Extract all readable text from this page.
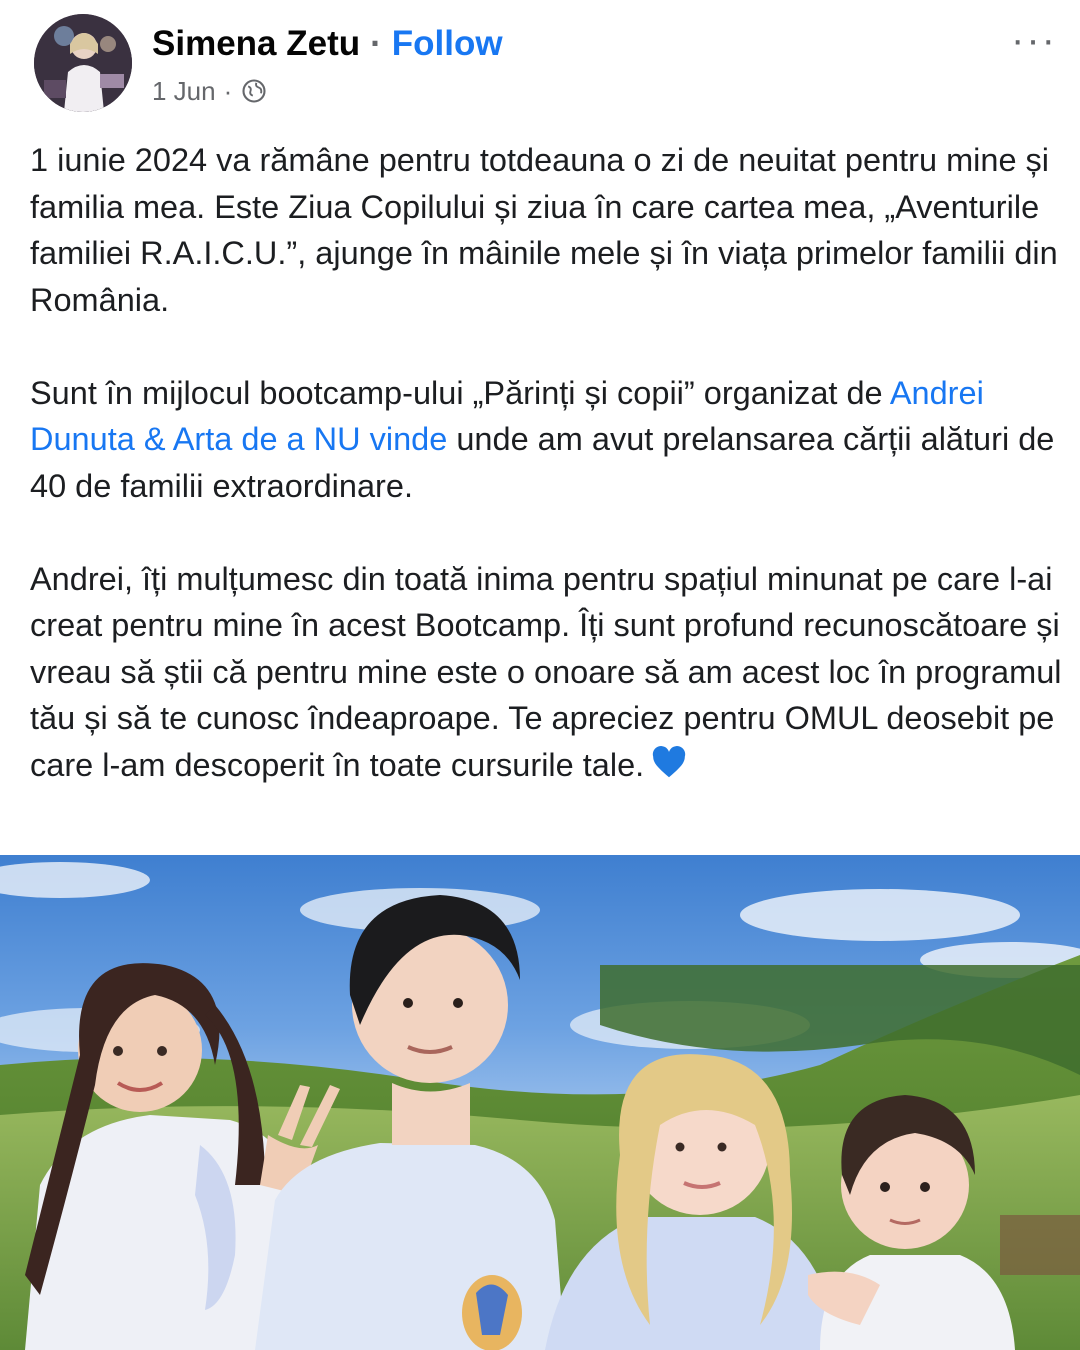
Simena Zetu · Follow
1 Jun ·
···

1 iunie 2024 va rămâne pentru totdeauna o zi de neuitat pentru mine și familia mea. Este Ziua Copilului și ziua în care cartea mea, „Aventurile familiei R.A.I.C.U.”, ajunge în mâinile mele și în viața primelor familii din România.

Sunt în mijlocul bootcamp-ului „Părinți și copii” organizat de Andrei Dunuta & Arta de a NU vinde unde am avut prelansarea cărții alături de 40 de familii extraordinare.

Andrei, îți mulțumesc din toată inima pentru spațiul minunat pe care l-ai creat pentru mine în acest Bootcamp. Îți sunt profund recunoscătoare și vreau să știi că pentru mine este o onoare să am acest loc în programul tău și să te cunosc îndeaproape. Te apreciez pentru OMUL deosebit pe care l-am descoperit în toate cursurile tale.
